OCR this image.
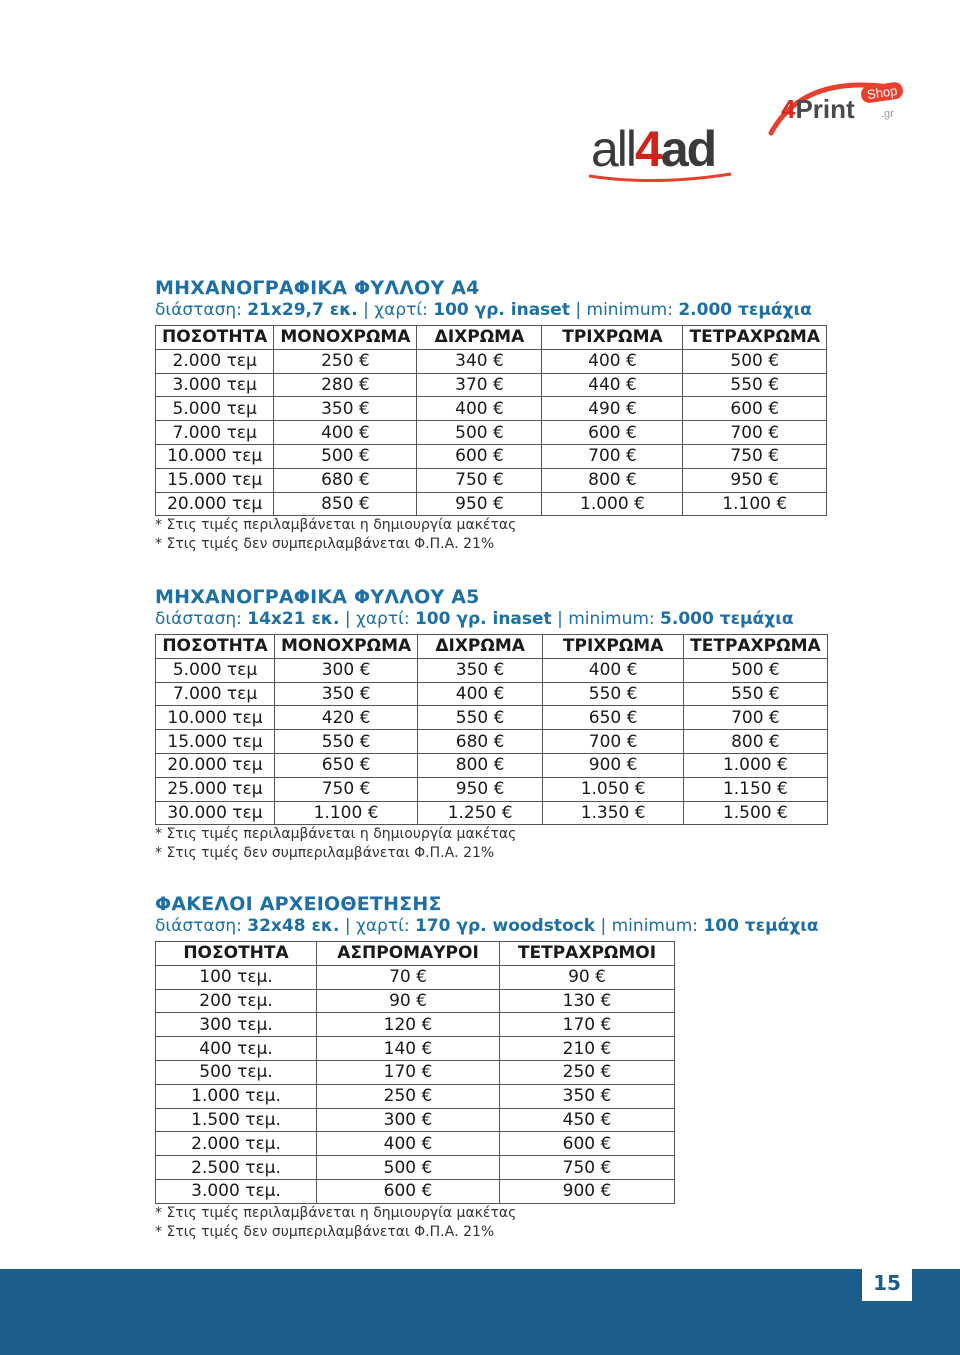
all4ad
4Print
Shop
.gr
ΜΗΧΑΝΟΓΡΑΦΙΚΑ ΦΥΛΛΟΥ Α4

διάσταση: 21x29,7 εκ. | χαρτί: 100 γρ. inaset | minimum: 2.000 τεμάχια

ΠΟΣΟΤΗΤΑ	ΜΟΝΟΧΡΩΜΑ	ΔΙΧΡΩΜΑ	ΤΡΙΧΡΩΜΑ	ΤΕΤΡΑΧΡΩΜΑ
2.000 τεμ	250 €	340 €	400 €	500 €
3.000 τεμ	280 €	370 €	440 €	550 €
5.000 τεμ	350 €	400 €	490 €	600 €
7.000 τεμ	400 €	500 €	600 €	700 €
10.000 τεμ	500 €	600 €	700 €	750 €
15.000 τεμ	680 €	750 €	800 €	950 €
20.000 τεμ	850 €	950 €	1.000 €	1.100 €

* Στις τιμές περιλαμβάνεται η δημιουργία μακέτας

* Στις τιμές δεν συμπεριλαμβάνεται Φ.Π.Α. 21%

ΜΗΧΑΝΟΓΡΑΦΙΚΑ ΦΥΛΛΟΥ Α5

διάσταση: 14x21 εκ. | χαρτί: 100 γρ. inaset | minimum: 5.000 τεμάχια

ΠΟΣΟΤΗΤΑ	ΜΟΝΟΧΡΩΜΑ	ΔΙΧΡΩΜΑ	ΤΡΙΧΡΩΜΑ	ΤΕΤΡΑΧΡΩΜΑ
5.000 τεμ	300 €	350 €	400 €	500 €
7.000 τεμ	350 €	400 €	550 €	550 €
10.000 τεμ	420 €	550 €	650 €	700 €
15.000 τεμ	550 €	680 €	700 €	800 €
20.000 τεμ	650 €	800 €	900 €	1.000 €
25.000 τεμ	750 €	950 €	1.050 €	1.150 €
30.000 τεμ	1.100 €	1.250 €	1.350 €	1.500 €

* Στις τιμές περιλαμβάνεται η δημιουργία μακέτας

* Στις τιμές δεν συμπεριλαμβάνεται Φ.Π.Α. 21%

ΦΑΚΕΛΟΙ ΑΡΧΕΙΟΘΕΤΗΣΗΣ

διάσταση: 32x48 εκ. | χαρτί: 170 γρ. woodstock | minimum: 100 τεμάχια

ΠΟΣΟΤΗΤΑ	ΑΣΠΡΟΜΑΥΡΟΙ	ΤΕΤΡΑΧΡΩΜΟΙ
100 τεμ.	70 €	90 €
200 τεμ.	90 €	130 €
300 τεμ.	120 €	170 €
400 τεμ.	140 €	210 €
500 τεμ.	170 €	250 €
1.000 τεμ.	250 €	350 €
1.500 τεμ.	300 €	450 €
2.000 τεμ.	400 €	600 €
2.500 τεμ.	500 €	750 €
3.000 τεμ.	600 €	900 €

* Στις τιμές περιλαμβάνεται η δημιουργία μακέτας

* Στις τιμές δεν συμπεριλαμβάνεται Φ.Π.Α. 21%

15
